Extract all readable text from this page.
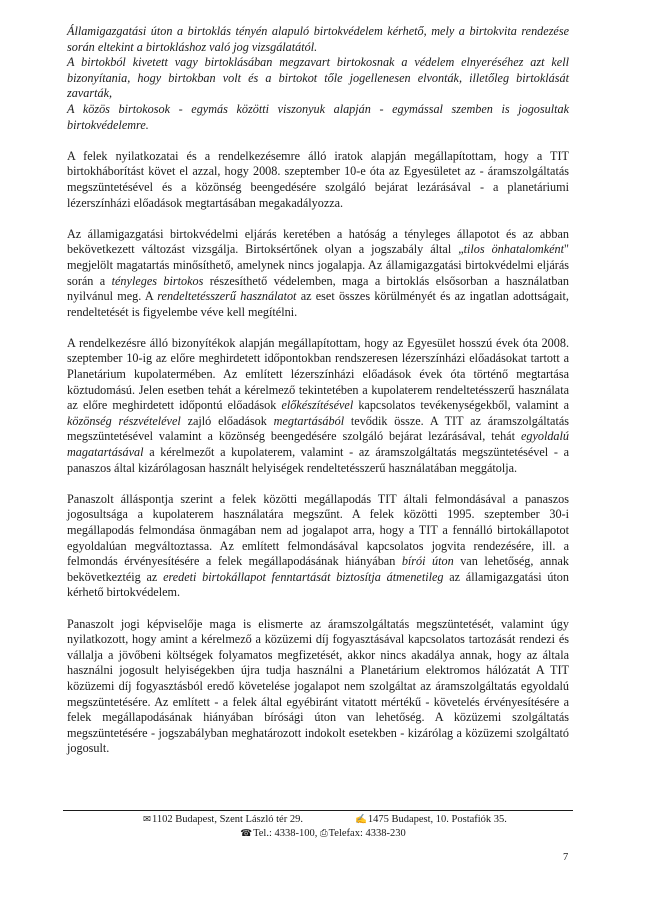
Államigazgatási úton a birtoklás tényén alapuló birtokvédelem kérhető, mely a birtokvita rendezése során eltekint a birtokláshoz való jog vizsgálatától.

A birtokból kivetett vagy birtoklásában megzavart birtokosnak a védelem elnyeréséhez azt kell bizonyítania, hogy birtokban volt és a birtokot tőle jogellenesen elvonták, illetőleg birtoklását zavarták,

A közös birtokosok - egymás közötti viszonyuk alapján - egymással szemben is jogosultak birtokvédelemre.

A felek nyilatkozatai és a rendelkezésemre álló iratok alapján megállapítottam, hogy a TIT birtokháborítást követ el azzal, hogy 2008. szeptember 10-e óta az Egyesületet az - áramszolgáltatás megszüntetésével és a közönség beengedésére szolgáló bejárat lezárásával - a planetáriumi lézerszínházi előadások megtartásában megakadályozza.

Az államigazgatási birtokvédelmi eljárás keretében a hatóság a tényleges állapotot és az abban bekövetkezett változást vizsgálja. Birtoksértőnek olyan a jogszabály által „tilos önhatalomként" megjelölt magatartás minősíthető, amelynek nincs jogalapja. Az államigazgatási birtokvédelmi eljárás során a tényleges birtokos részesíthető védelemben, maga a birtoklás elsősorban a használatban nyilvánul meg. A rendeltetésszerű használatot az eset összes körülményét és az ingatlan adottságait, rendeltetését is figyelembe véve kell megítélni.

A rendelkezésre álló bizonyítékok alapján megállapítottam, hogy az Egyesület hosszú évek óta 2008. szeptember 10-ig az előre meghirdetett időpontokban rendszeresen lézerszínházi előadásokat tartott a Planetárium kupolatermében. Az említett lézerszínházi előadások évek óta történő megtartása köztudomású. Jelen esetben tehát a kérelmező tekintetében a kupolaterem rendeltetésszerű használata az előre meghirdetett időpontú előadások előkészítésével kapcsolatos tevékenységekből, valamint a közönség részvételével zajló előadások megtartásából tevődik össze. A TIT az áramszolgáltatás megszüntetésével valamint a közönség beengedésére szolgáló bejárat lezárásával, tehát egyoldalú magatartásával a kérelmezőt a kupolaterem, valamint - az áramszolgáltatás megszüntetésével - a panaszos által kizárólagosan használt helyiségek rendeltetésszerű használatában meggátolja.

Panaszolt álláspontja szerint a felek közötti megállapodás TIT általi felmondásával a panaszos jogosultsága a kupolaterem használatára megszűnt. A felek közötti 1995. szeptember 30-i megállapodás felmondása önmagában nem ad jogalapot arra, hogy a TIT a fennálló birtokállapotot egyoldalúan megváltoztassa. Az említett felmondásával kapcsolatos jogvita rendezésére, ill. a felmondás érvényesítésére a felek megállapodásának hiányában bírói úton van lehetőség, annak bekövetkeztéig az eredeti birtokállapot fenntartását biztosítja átmenetileg az államigazgatási úton kérhető birtokvédelem.

Panaszolt jogi képviselője maga is elismerte az áramszolgáltatás megszüntetését, valamint úgy nyilatkozott, hogy amint a kérelmező a közüzemi díj fogyasztásával kapcsolatos tartozását rendezi és vállalja a jövőbeni költségek folyamatos megfizetését, akkor nincs akadálya annak, hogy az általa használni jogosult helyiségekben újra tudja használni a Planetárium elektromos hálózatát A TIT közüzemi díj fogyasztásból eredő követelése jogalapot nem szolgáltat az áramszolgáltatás egyoldalú megszüntetésére. Az említett - a felek által egyébiránt vitatott mértékű - követelés érvényesítésére a felek megállapodásának hiányában bírósági úton van lehetőség. A közüzemi szolgáltatás megszüntetésére - jogszabályban meghatározott indokolt esetekben - kizárólag a közüzemi szolgáltató jogosult.

✉1102 Budapest, Szent László tér 29.	✍1475 Budapest, 10. Postafiók 35.
☎Tel.: 4338-100, ⎙Telefax: 4338-230
7
